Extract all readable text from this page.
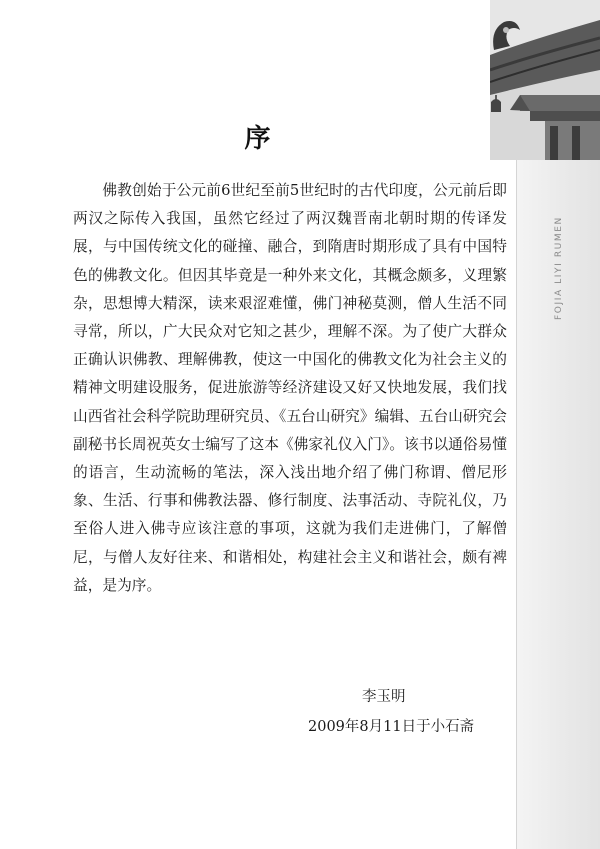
FOJIA LIYI RUMEN
序

佛教创始于公元前6世纪至前5世纪时的古代印度，公元前后即两汉之际传入我国，虽然它经过了两汉魏晋南北朝时期的传译发展，与中国传统文化的碰撞、融合，到隋唐时期形成了具有中国特色的佛教文化。但因其毕竟是一种外来文化，其概念颇多，义理繁杂，思想博大精深，读来艰涩难懂，佛门神秘莫测，僧人生活不同寻常，所以，广大民众对它知之甚少，理解不深。为了使广大群众正确认识佛教、理解佛教，使这一中国化的佛教文化为社会主义的精神文明建设服务，促进旅游等经济建设又好又快地发展，我们找山西省社会科学院助理研究员、《五台山研究》编辑、五台山研究会副秘书长周祝英女士编写了这本《佛家礼仪入门》。该书以通俗易懂的语言，生动流畅的笔法，深入浅出地介绍了佛门称谓、僧尼形象、生活、行事和佛教法器、修行制度、法事活动、寺院礼仪，乃至俗人进入佛寺应该注意的事项，这就为我们走进佛门，了解僧尼，与僧人友好往来、和谐相处，构建社会主义和谐社会，颇有裨益，是为序。

李玉明
2009年8月11日于小石斋
